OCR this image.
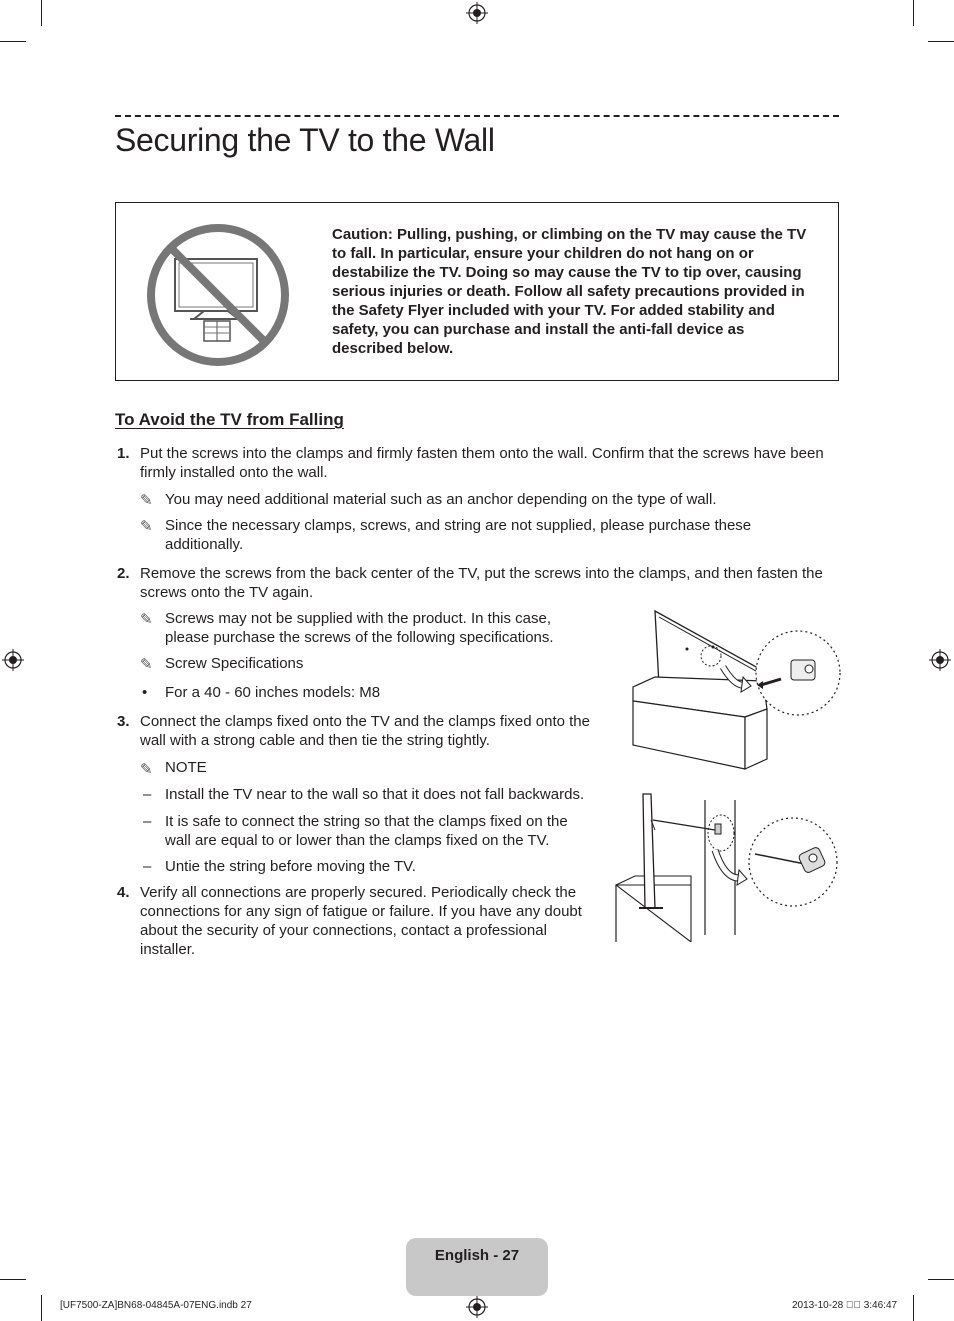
Securing the TV to the Wall

Caution: Pulling, pushing, or climbing on the TV may cause the TV to fall. In particular, ensure your children do not hang on or destabilize the TV. Doing so may cause the TV to tip over, causing serious injuries or death. Follow all safety precautions provided in the Safety Flyer included with your TV. For added stability and safety, you can purchase and install the anti-fall device as described below.

To Avoid the TV from Falling
1. Put the screws into the clamps and firmly fasten them onto the wall. Confirm that the screws have been firmly installed onto the wall.

✎ You may need additional material such as an anchor depending on the type of wall.

✎ Since the necessary clamps, screws, and string are not supplied, please purchase these additionally.

2. Remove the screws from the back center of the TV, put the screws into the clamps, and then fasten the screws onto the TV again.

✎ Screws may not be supplied with the product. In this case, please purchase the screws of the following specifications.

✎ Screw Specifications

• For a 40 - 60 inches models: M8

3. Connect the clamps fixed onto the TV and the clamps fixed onto the wall with a strong cable and then tie the string tightly.

✎ NOTE

– Install the TV near to the wall so that it does not fall backwards.

– It is safe to connect the string so that the clamps fixed on the wall are equal to or lower than the clamps fixed on the TV.

– Untie the string before moving the TV.

4. Verify all connections are properly secured. Periodically check the connections for any sign of fatigue or failure. If you have any doubt about the security of your connections, contact a professional installer.

English - 27
[UF7500-ZA]BN68-04845A-07ENG.indb 27	2013-10-28 ￿￿ 3:46:47
